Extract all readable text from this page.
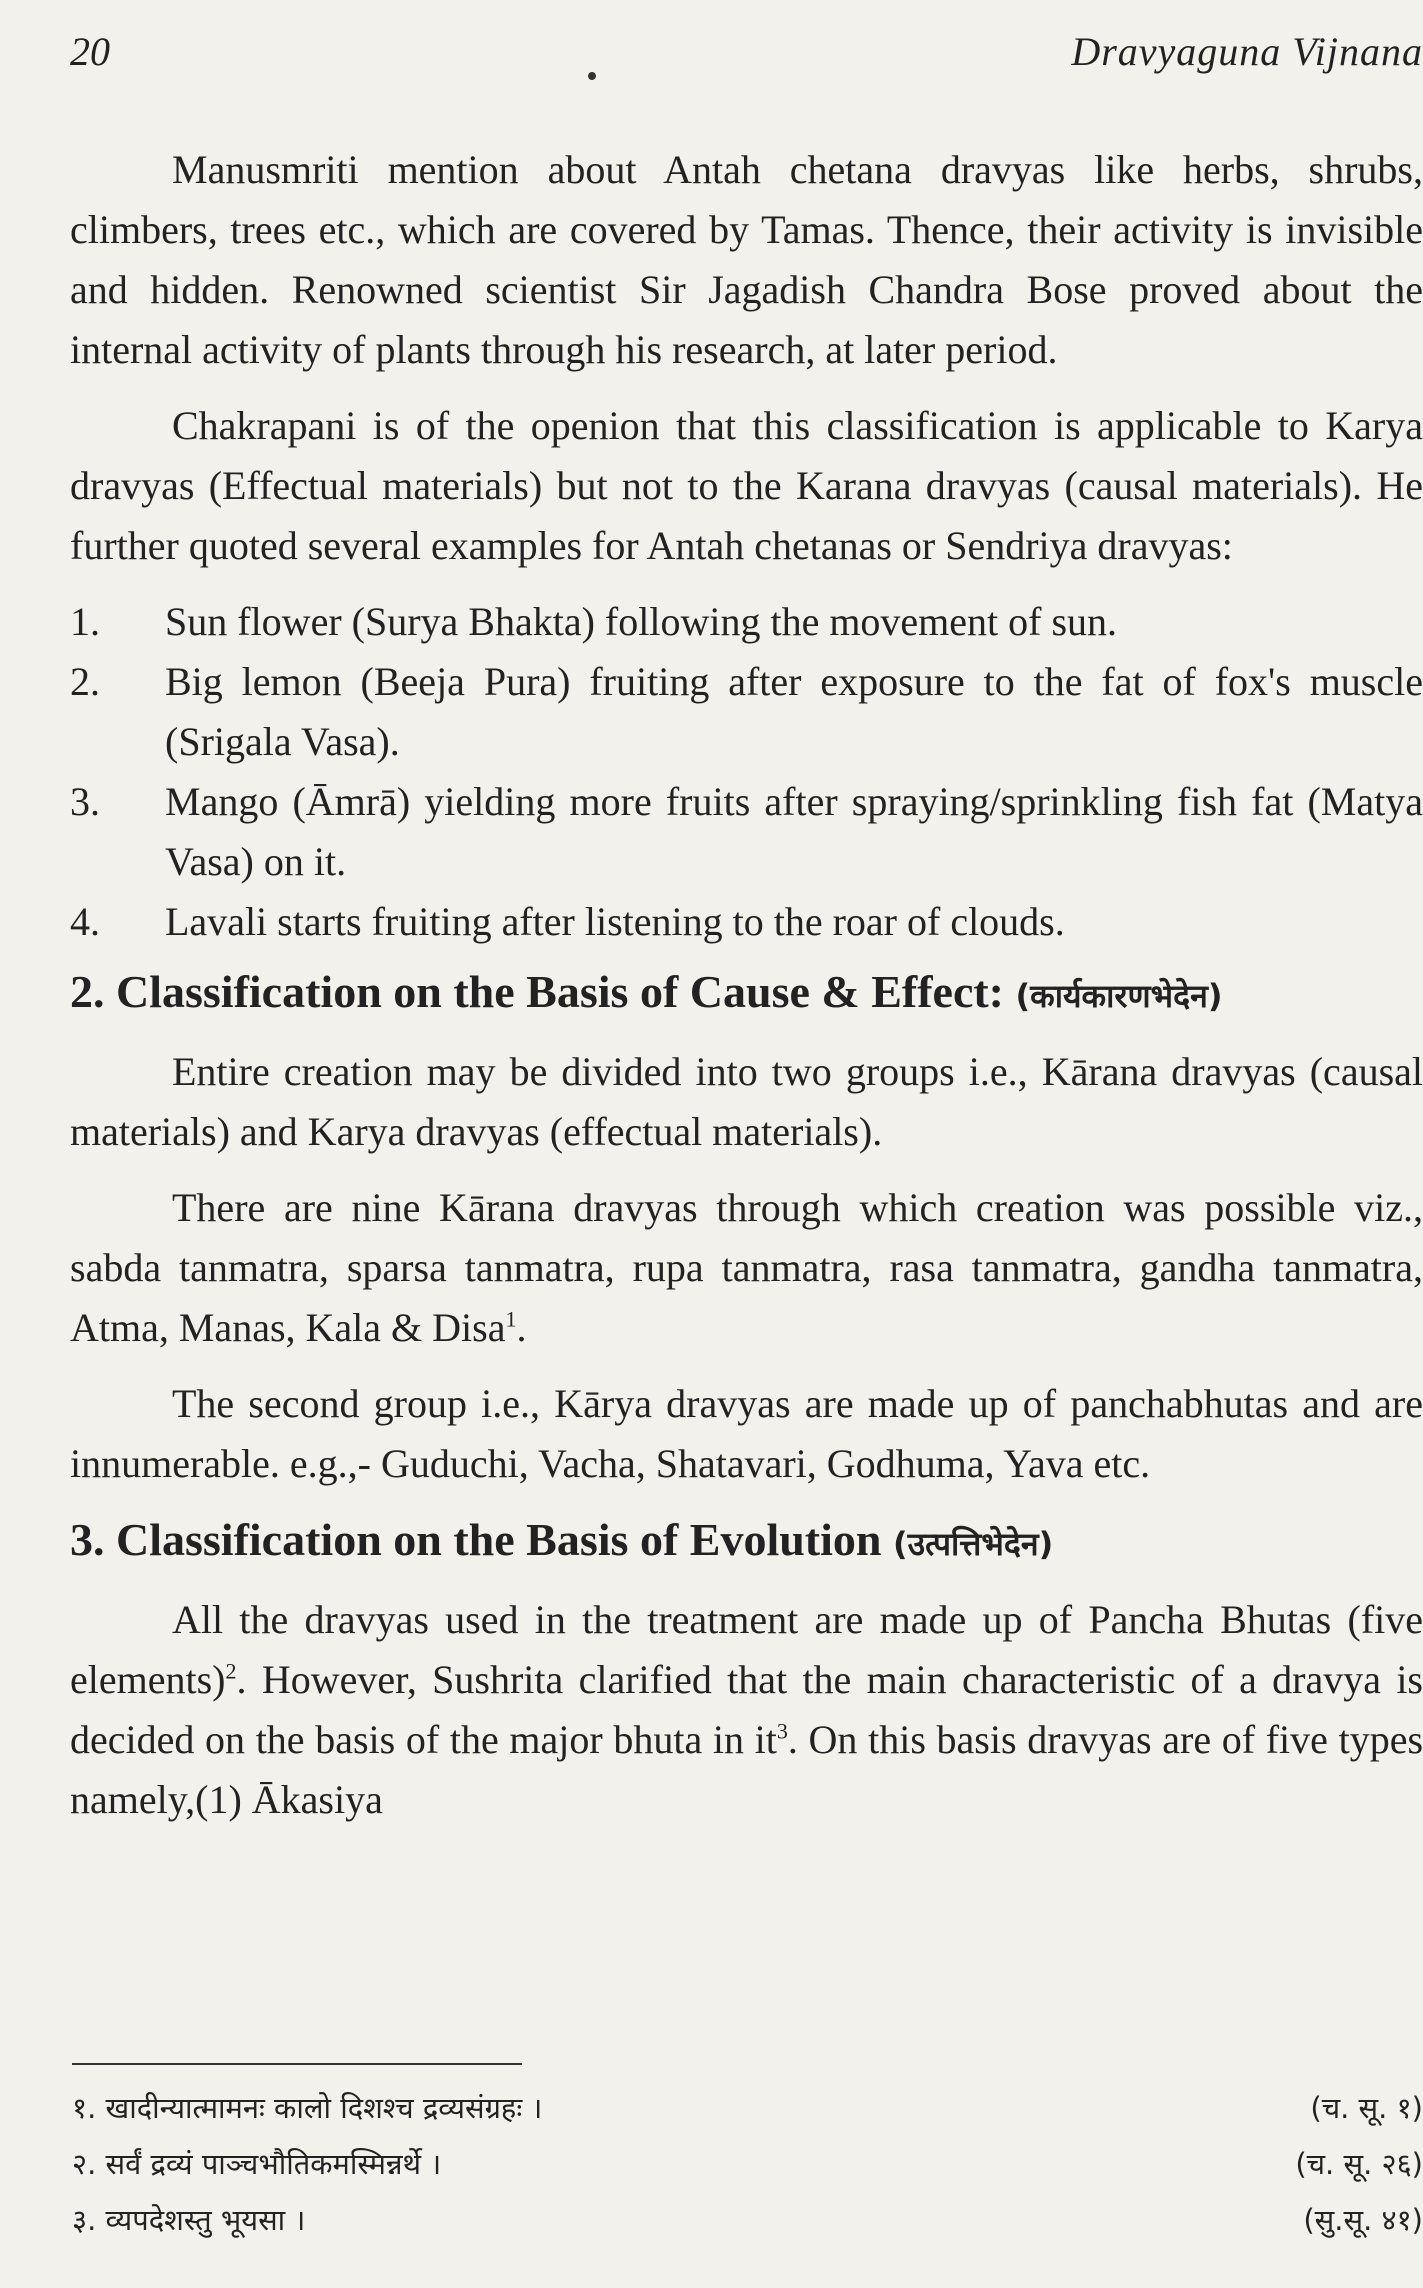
20	Dravyaguna Vijnana

Manusmriti mention about Antah chetana dravyas like herbs, shrubs, climbers, trees etc., which are covered by Tamas. Thence, their activity is invisible and hidden. Renowned scientist Sir Jagadish Chandra Bose proved about the internal activity of plants through his research, at later period.

Chakrapani is of the openion that this classification is applicable to Karya dravyas (Effectual materials) but not to the Karana dravyas (causal materials). He further quoted several examples for Antah chetanas or Sendriya dravyas:

1. Sun flower (Surya Bhakta) following the movement of sun.
2. Big lemon (Beeja Pura) fruiting after exposure to the fat of fox's muscle (Srigala Vasa).
3. Mango (Āmrā) yielding more fruits after spraying/sprinkling fish fat (Matya Vasa) on it.
4. Lavali starts fruiting after listening to the roar of clouds.
2. Classification on the Basis of Cause & Effect: (कार्यकारणभेदेन)

Entire creation may be divided into two groups i.e., Kārana dravyas (causal materials) and Karya dravyas (effectual materials).

There are nine Kārana dravyas through which creation was possible viz., sabda tanmatra, sparsa tanmatra, rupa tanmatra, rasa tanmatra, gandha tanmatra, Atma, Manas, Kala & Disa$^1$.

The second group i.e., Kārya dravyas are made up of panchabhutas and are innumerable. e.g.,- Guduchi, Vacha, Shatavari, Godhuma, Yava etc.

3. Classification on the Basis of Evolution (उत्पत्तिभेदेन)

All the dravyas used in the treatment are made up of Pancha Bhutas (five elements)$^2$. However, Sushrita clarified that the main characteristic of a dravya is decided on the basis of the major bhuta in $it^3$. On this basis dravyas are of five types namely,(1) Ākasiya

१. खादीन्यात्मामनः कालो दिशश्च द्रव्यसंग्रहः ।	(च. सू. १)
२. सर्वं द्रव्यं पाञ्चभौतिकमस्मिन्नर्थे ।	(च. सू. २६)
३. व्यपदेशस्तु भूयसा ।	(सु.सू. ४१)
